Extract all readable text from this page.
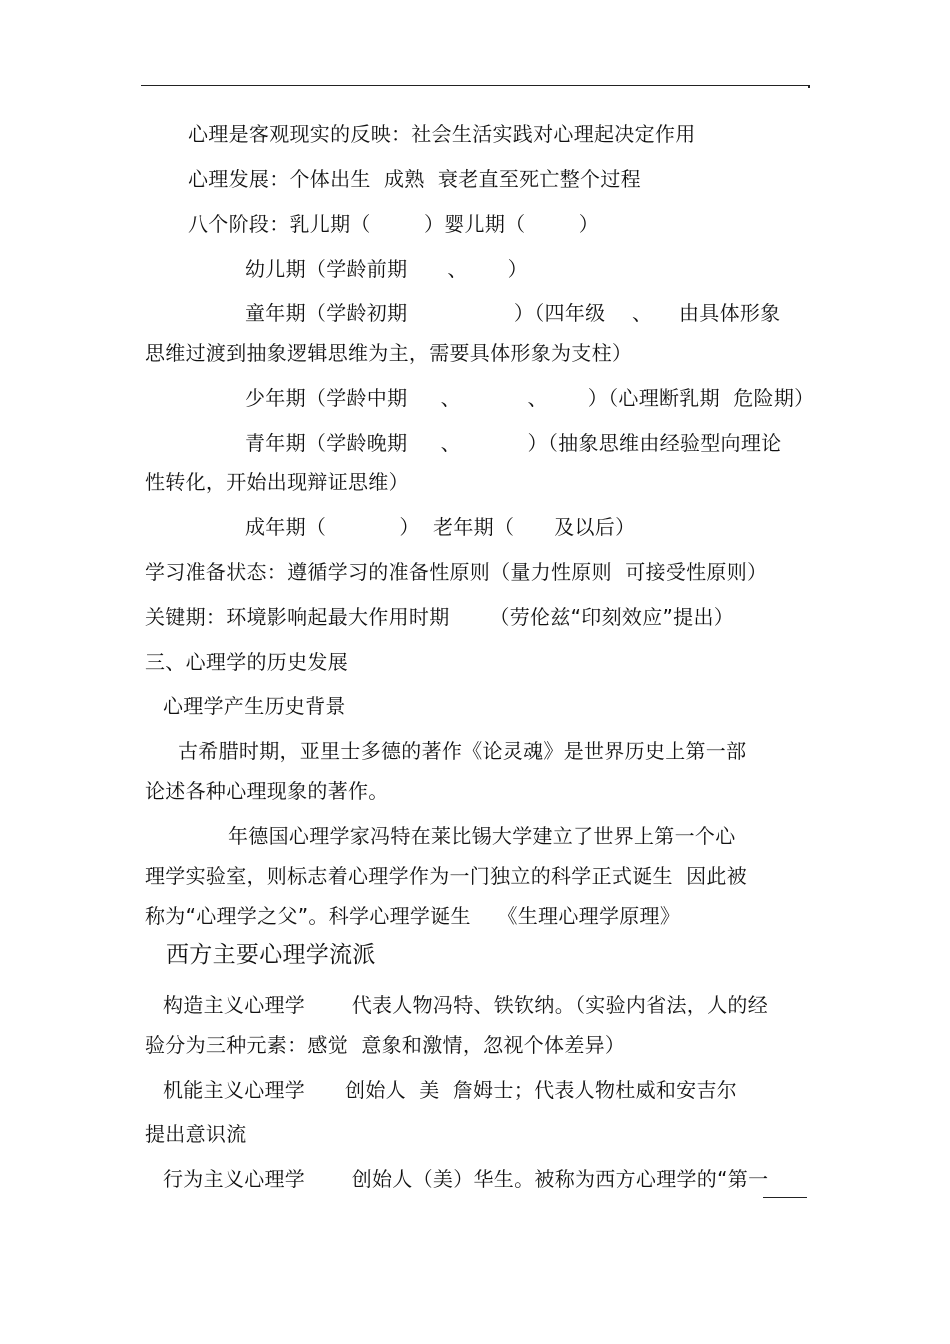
心理是客观现实的反映：社会生活实践对心理起决定作用
心理发展：个体出生  成熟  衰老直至死亡整个过程
八个阶段：乳儿期（        ）婴儿期（        ）
幼儿期（学龄前期      、      ）
童年期（学龄初期                ）（四年级    、    由具体形象
思维过渡到抽象逻辑思维为主，需要具体形象为支柱）
少年期（学龄中期     、          、      ）（心理断乳期  危险期）
青年期（学龄晚期     、          ）（抽象思维由经验型向理论
性转化，开始出现辩证思维）
成年期（           ）  老年期（      及以后）
学习准备状态：遵循学习的准备性原则（量力性原则  可接受性原则）
关键期：环境影响起最大作用时期      （劳伦兹“印刻效应”提出）
三、心理学的历史发展
心理学产生历史背景
古希腊时期，亚里士多德的著作《论灵魂》是世界历史上第一部
论述各种心理现象的著作。
年德国心理学家冯特在莱比锡大学建立了世界上第一个心
理学实验室，则标志着心理学作为一门独立的科学正式诞生  因此被
称为“心理学之父”。科学心理学诞生    《生理心理学原理》
西方主要心理学流派
构造主义心理学       代表人物冯特、铁钦纳。（实验内省法，人的经
验分为三种元素：感觉  意象和激情，忽视个体差异）
机能主义心理学      创始人  美  詹姆士；代表人物杜威和安吉尔
提出意识流
行为主义心理学       创始人（美）华生。被称为西方心理学的“第一
